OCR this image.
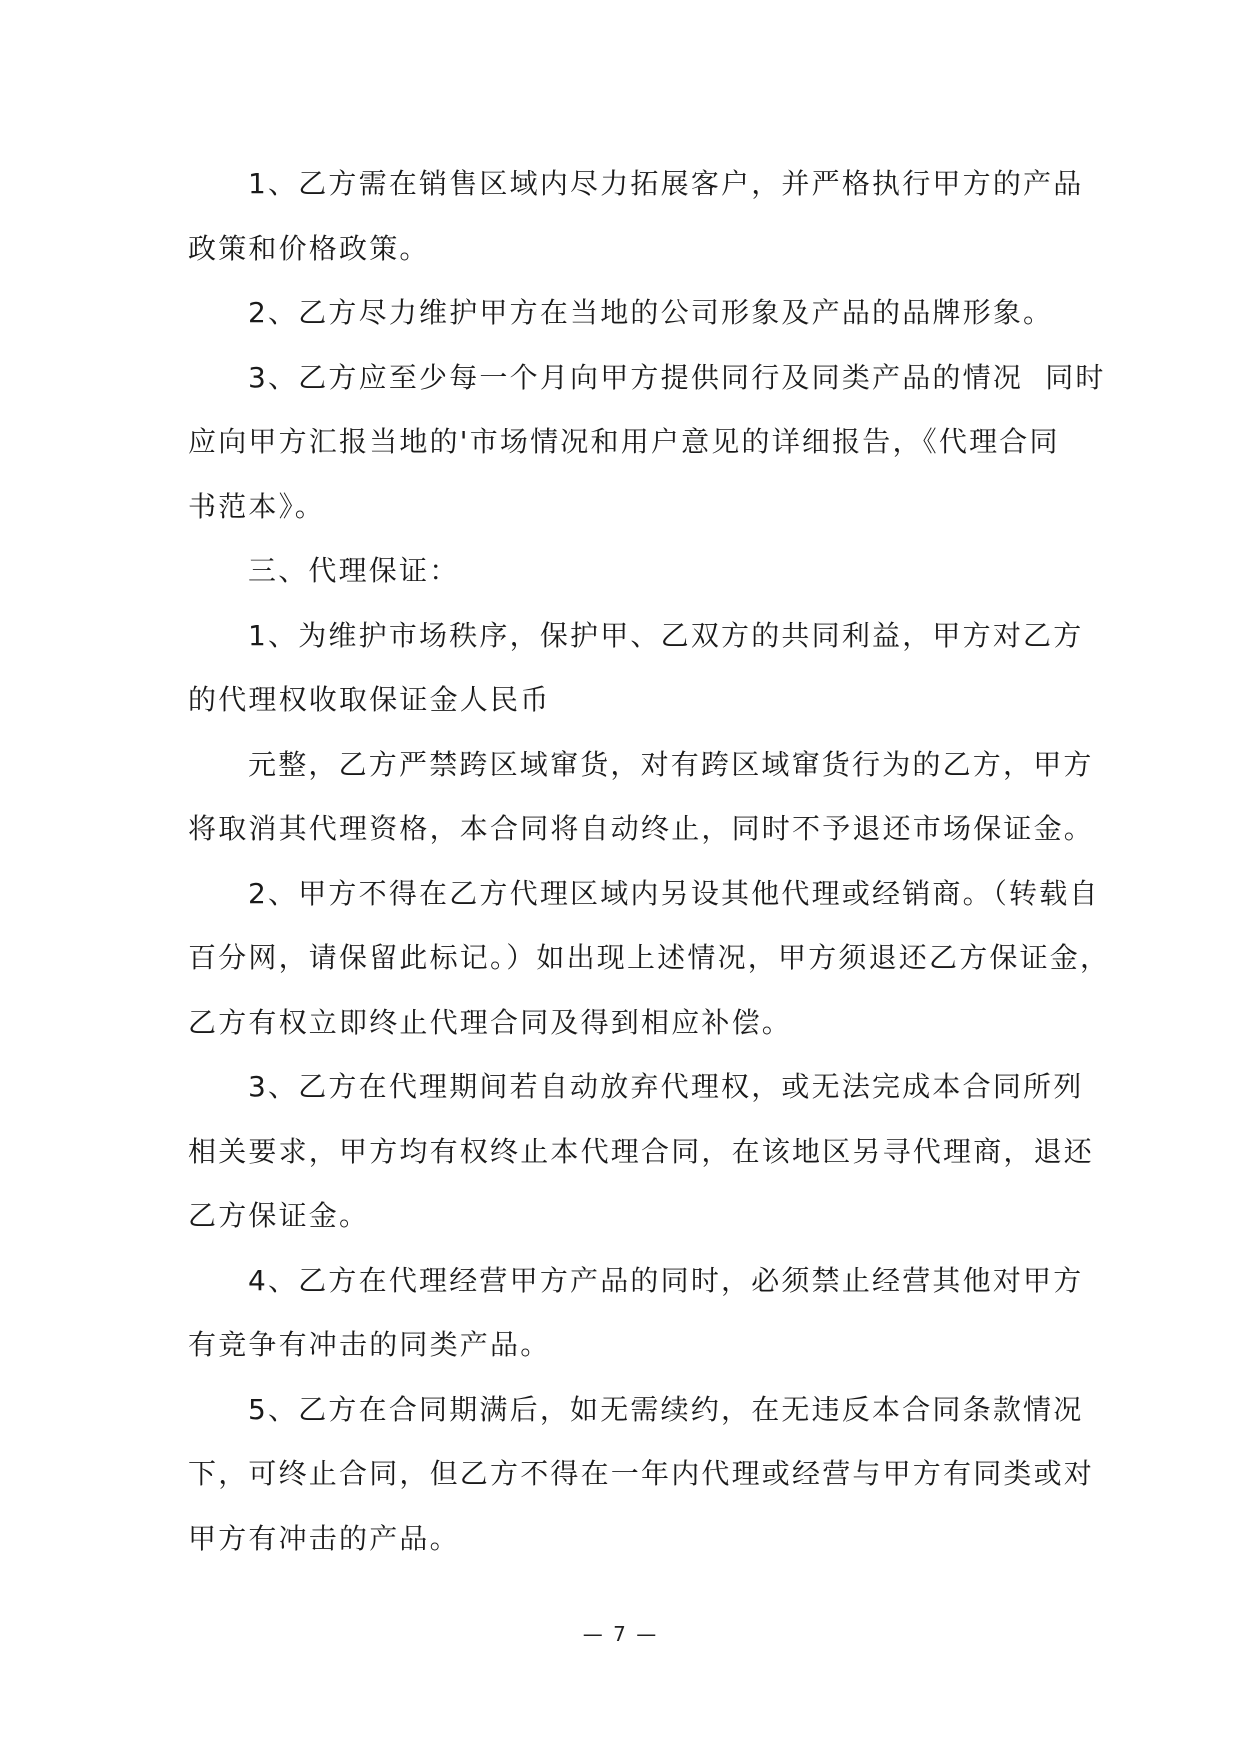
1、乙方需在销售区域内尽力拓展客户，并严格执行甲方的产品
政策和价格政策。
2、乙方尽力维护甲方在当地的公司形象及产品的品牌形象。
3、乙方应至少每一个月向甲方提供同行及同类产品的情况  同时
应向甲方汇报当地的'市场情况和用户意见的详细报告，《代理合同
书范本》。
三、代理保证：
1、为维护市场秩序，保护甲、乙双方的共同利益，甲方对乙方
的代理权收取保证金人民币
元整，乙方严禁跨区域窜货，对有跨区域窜货行为的乙方，甲方
将取消其代理资格，本合同将自动终止，同时不予退还市场保证金。
2、甲方不得在乙方代理区域内另设其他代理或经销商。（转载自
百分网，请保留此标记。）如出现上述情况，甲方须退还乙方保证金，
乙方有权立即终止代理合同及得到相应补偿。
3、乙方在代理期间若自动放弃代理权，或无法完成本合同所列
相关要求，甲方均有权终止本代理合同，在该地区另寻代理商，退还
乙方保证金。
4、乙方在代理经营甲方产品的同时，必须禁止经营其他对甲方
有竞争有冲击的同类产品。
5、乙方在合同期满后，如无需续约，在无违反本合同条款情况
下，可终止合同，但乙方不得在一年内代理或经营与甲方有同类或对
甲方有冲击的产品。
— 7 —
